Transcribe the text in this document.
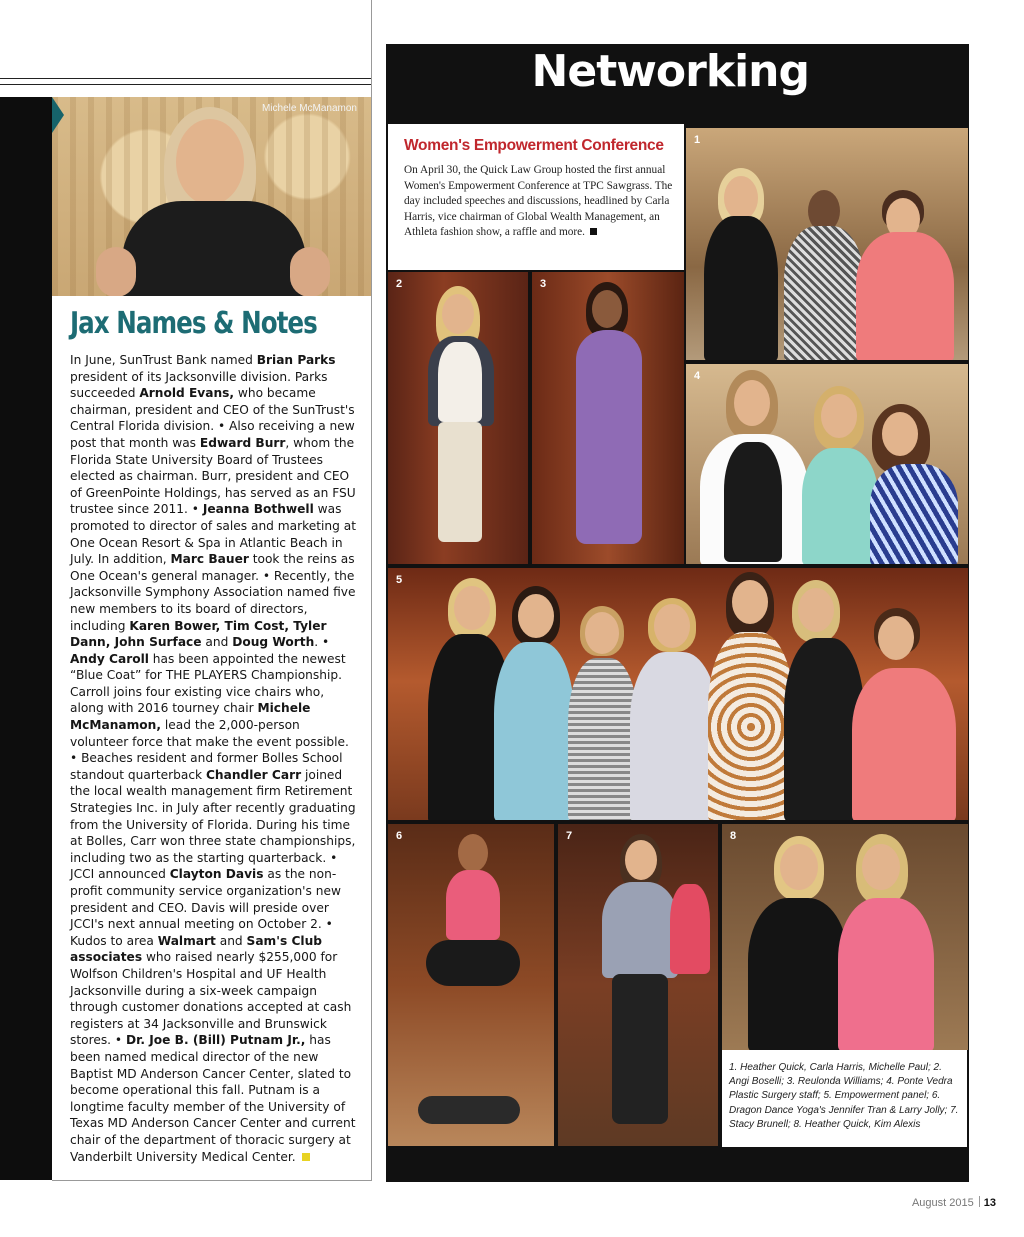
Michele McManamon
Jax Names & Notes

In June, SunTrust Bank named Brian Parks president of its Jacksonville division. Parks succeeded Arnold Evans, who became chairman, president and CEO of the SunTrust's Central Florida division. • Also receiving a new post that month was Edward Burr, whom the Florida State University Board of Trustees elected as chairman. Burr, president and CEO of GreenPointe Holdings, has served as an FSU trustee since 2011. • Jeanna Bothwell was promoted to director of sales and marketing at One Ocean Resort & Spa in Atlantic Beach in July. In addition, Marc Bauer took the reins as One Ocean's general manager. • Recently, the Jacksonville Symphony Association named five new members to its board of directors, including Karen Bower, Tim Cost, Tyler Dann, John Surface and Doug Worth. • Andy Caroll has been appointed the newest “Blue Coat” for THE PLAYERS Championship. Carroll joins four existing vice chairs who, along with 2016 tourney chair Michele McManamon, lead the 2,000-person volunteer force that make the event possible. • Beaches resident and former Bolles School standout quarterback Chandler Carr joined the local wealth management firm Retirement Strategies Inc. in July after recently graduating from the University of Florida. During his time at Bolles, Carr won three state championships, including two as the starting quarterback. • JCCI announced Clayton Davis as the non-profit community service organization's new president and CEO. Davis will preside over JCCI's next annual meeting on October 2. • Kudos to area Walmart and Sam's Club associates who raised nearly $255,000 for Wolfson Children's Hospital and UF Health Jacksonville during a six-week campaign through customer donations accepted at cash registers at 34 Jacksonville and Brunswick stores. • Dr. Joe B. (Bill) Putnam Jr., has been named medical director of the new Baptist MD Anderson Cancer Center, slated to become operational this fall. Putnam is a longtime faculty member of the University of Texas MD Anderson Cancer Center and current chair of the department of thoracic surgery at Vanderbilt University Medical Center.

Networking
Women's Empowerment Conference

On April 30, the Quick Law Group hosted the first annual Women's Empowerment Conference at TPC Sawgrass. The day included speeches and discussions, headlined by Carla Harris, vice chairman of Global Wealth Management, an Athleta fashion show, a raffle and more.

1
2	3
4
5
6	7	8

1. Heather Quick, Carla Harris, Michelle Paul; 2. Angi Boselli; 3. Reulonda Williams; 4. Ponte Vedra Plastic Surgery staff; 5. Empowerment panel; 6. Dragon Dance Yoga's Jennifer Tran & Larry Jolly; 7. Stacy Brunell; 8. Heather Quick, Kim Alexis

August 2015 13
